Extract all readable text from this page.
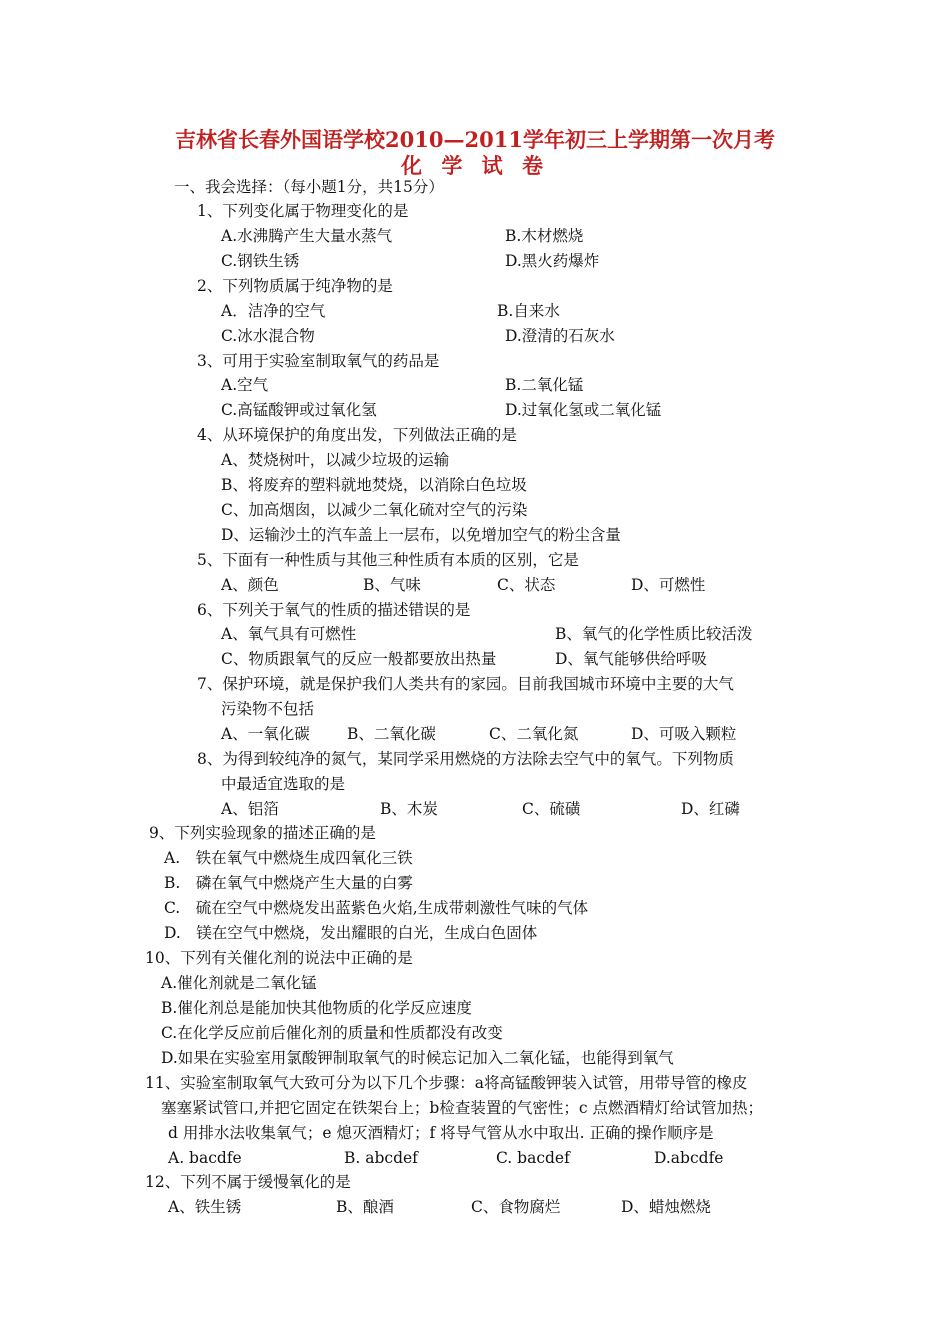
吉林省长春外国语学校2010—2011学年初三上学期第一次月考
化 学 试 卷
一、我会选择：（每小题1分，共15分）
1、下列变化属于物理变化的是
A.水沸腾产生大量水蒸气	B.木材燃烧
C.钢铁生锈	D.黑火药爆炸
2、下列物质属于纯净物的是
A．洁净的空气	B.自来水
C.冰水混合物	D.澄清的石灰水
3、可用于实验室制取氧气的药品是
A.空气	B.二氧化锰
C.高锰酸钾或过氧化氢	D.过氧化氢或二氧化锰
4、从环境保护的角度出发，下列做法正确的是
A、焚烧树叶，以减少垃圾的运输
B、将废弃的塑料就地焚烧，以消除白色垃圾
C、加高烟囱，以减少二氧化硫对空气的污染
D、运输沙土的汽车盖上一层布，以免增加空气的粉尘含量
5、下面有一种性质与其他三种性质有本质的区别，它是
A、颜色	B、气味	C、状态	D、可燃性
6、下列关于氧气的性质的描述错误的是
A、氧气具有可燃性	B、氧气的化学性质比较活泼
C、物质跟氧气的反应一般都要放出热量	D、氧气能够供给呼吸
7、保护环境，就是保护我们人类共有的家园。目前我国城市环境中主要的大气
污染物不包括
A、一氧化碳 B、二氧化碳	C、二氧化氮	D、可吸入颗粒
8、为得到较纯净的氮气，某同学采用燃烧的方法除去空气中的氧气。下列物质
中最适宜选取的是
A、铝箔	B、木炭	C、硫磺	D、红磷
9、下列实验现象的描述正确的是
A.　铁在氧气中燃烧生成四氧化三铁
B.　磷在氧气中燃烧产生大量的白雾
C.　硫在空气中燃烧发出蓝紫色火焰,生成带刺激性气味的气体
D.　镁在空气中燃烧，发出耀眼的白光，生成白色固体
10、下列有关催化剂的说法中正确的是
A.催化剂就是二氧化锰
B.催化剂总是能加快其他物质的化学反应速度
C.在化学反应前后催化剂的质量和性质都没有改变
D.如果在实验室用氯酸钾制取氧气的时候忘记加入二氧化锰，也能得到氧气
11、实验室制取氧气大致可分为以下几个步骤：a将高锰酸钾装入试管，用带导管的橡皮
塞塞紧试管口,并把它固定在铁架台上；b检查装置的气密性；c 点燃酒精灯给试管加热；
d 用排水法收集氧气；e 熄灭酒精灯；f 将导气管从水中取出. 正确的操作顺序是
A. bacdfe	B. abcdef	C. bacdef	D.abcdfe
12、下列不属于缓慢氧化的是
A、铁生锈	B、酿酒	C、食物腐烂	D、蜡烛燃烧
